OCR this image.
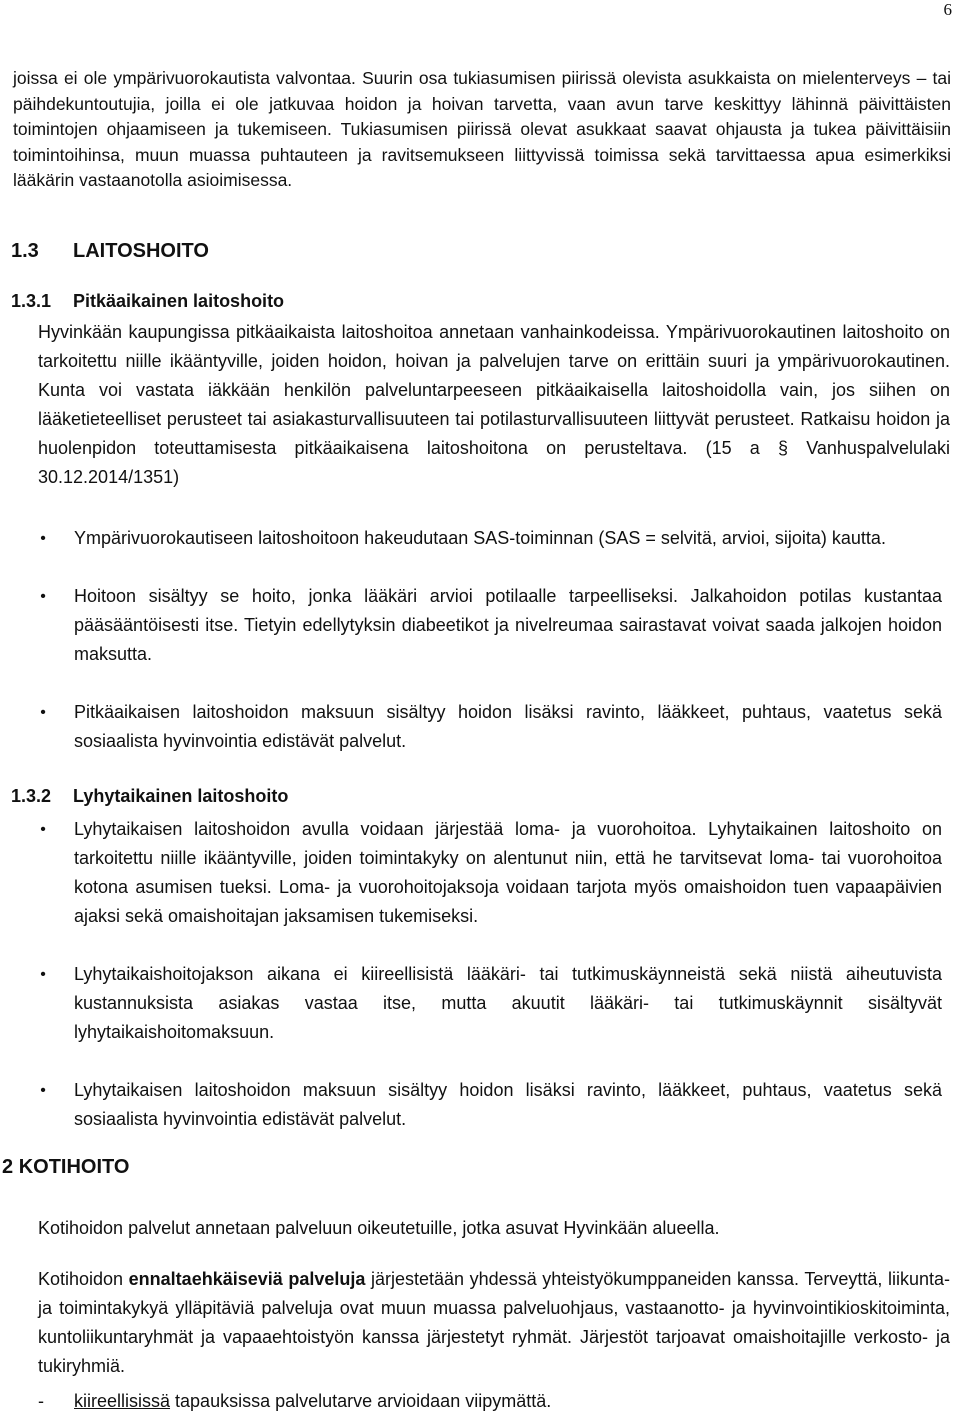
6

joissa ei ole ympärivuorokautista valvontaa. Suurin osa tukiasumisen piirissä olevista asukkaista on mielenterveys – tai päihdekuntoutujia, joilla ei ole jatkuvaa hoidon ja hoivan tarvetta, vaan avun tarve keskittyy lähinnä päivittäisten toimintojen ohjaamiseen ja tukemiseen. Tukiasumisen piirissä olevat asukkaat saavat ohjausta ja tukea päivittäisiin toimintoihinsa, muun muassa puhtauteen ja ravitsemukseen liittyvissä toimissa sekä tarvittaessa apua esimerkiksi lääkärin vastaanotolla asioimisessa.

1.3 LAITOSHOITO
1.3.1 Pitkäaikainen laitoshoito

Hyvinkään kaupungissa pitkäaikaista laitoshoitoa annetaan vanhainkodeissa. Ympärivuorokautinen laitoshoito on tarkoitettu niille ikääntyville, joiden hoidon, hoivan ja palvelujen tarve on erittäin suuri ja ympärivuorokautinen. Kunta voi vastata iäkkään henkilön palveluntarpeeseen pitkäaikaisella laitoshoidolla vain, jos siihen on lääketieteelliset perusteet tai asiakasturvallisuuteen tai potilasturvallisuuteen liittyvät perusteet. Ratkaisu hoidon ja huolenpidon toteuttamisesta pitkäaikaisena laitoshoitona on perusteltava. (15 a § Vanhuspalvelulaki 30.12.2014/1351)

• Ympärivuorokautiseen laitoshoitoon hakeudutaan SAS-toiminnan (SAS = selvitä, arvioi, sijoita) kautta.
• Hoitoon sisältyy se hoito, jonka lääkäri arvioi potilaalle tarpeelliseksi. Jalkahoidon potilas kustantaa pääsääntöisesti itse. Tietyin edellytyksin diabeetikot ja nivelreumaa sairastavat voivat saada jalkojen hoidon maksutta.
• Pitkäaikaisen laitoshoidon maksuun sisältyy hoidon lisäksi ravinto, lääkkeet, puhtaus, vaatetus sekä sosiaalista hyvinvointia edistävät palvelut.
1.3.2 Lyhytaikainen laitoshoito
• Lyhytaikaisen laitoshoidon avulla voidaan järjestää loma- ja vuorohoitoa. Lyhytaikainen laitoshoito on tarkoitettu niille ikääntyville, joiden toimintakyky on alentunut niin, että he tarvitsevat loma- tai vuorohoitoa kotona asumisen tueksi. Loma- ja vuorohoitojaksoja voidaan tarjota myös omaishoidon tuen vapaapäivien ajaksi sekä omaishoitajan jaksamisen tukemiseksi.
• Lyhytaikaishoitojakson aikana ei kiireellisistä lääkäri- tai tutkimuskäynneistä sekä niistä aiheutuvista kustannuksista asiakas vastaa itse, mutta akuutit lääkäri- tai tutkimuskäynnit sisältyvät lyhytaikaishoitomaksuun.
• Lyhytaikaisen laitoshoidon maksuun sisältyy hoidon lisäksi ravinto, lääkkeet, puhtaus, vaatetus sekä sosiaalista hyvinvointia edistävät palvelut.
2 KOTIHOITO

Kotihoidon palvelut annetaan palveluun oikeutetuille, jotka asuvat Hyvinkään alueella.

Kotihoidon ennaltaehkäiseviä palveluja järjestetään yhdessä yhteistyökumppaneiden kanssa. Terveyttä, liikunta- ja toimintakykyä ylläpitäviä palveluja ovat muun muassa palveluohjaus, vastaanotto- ja hyvinvointikioskitoiminta, kuntoliikuntaryhmät ja vapaaehtoistyön kanssa järjestetyt ryhmät. Järjestöt tarjoavat omaishoitajille verkosto- ja tukiryhmiä.

- kiireellisissä tapauksissa palvelutarve arvioidaan viipymättä.
